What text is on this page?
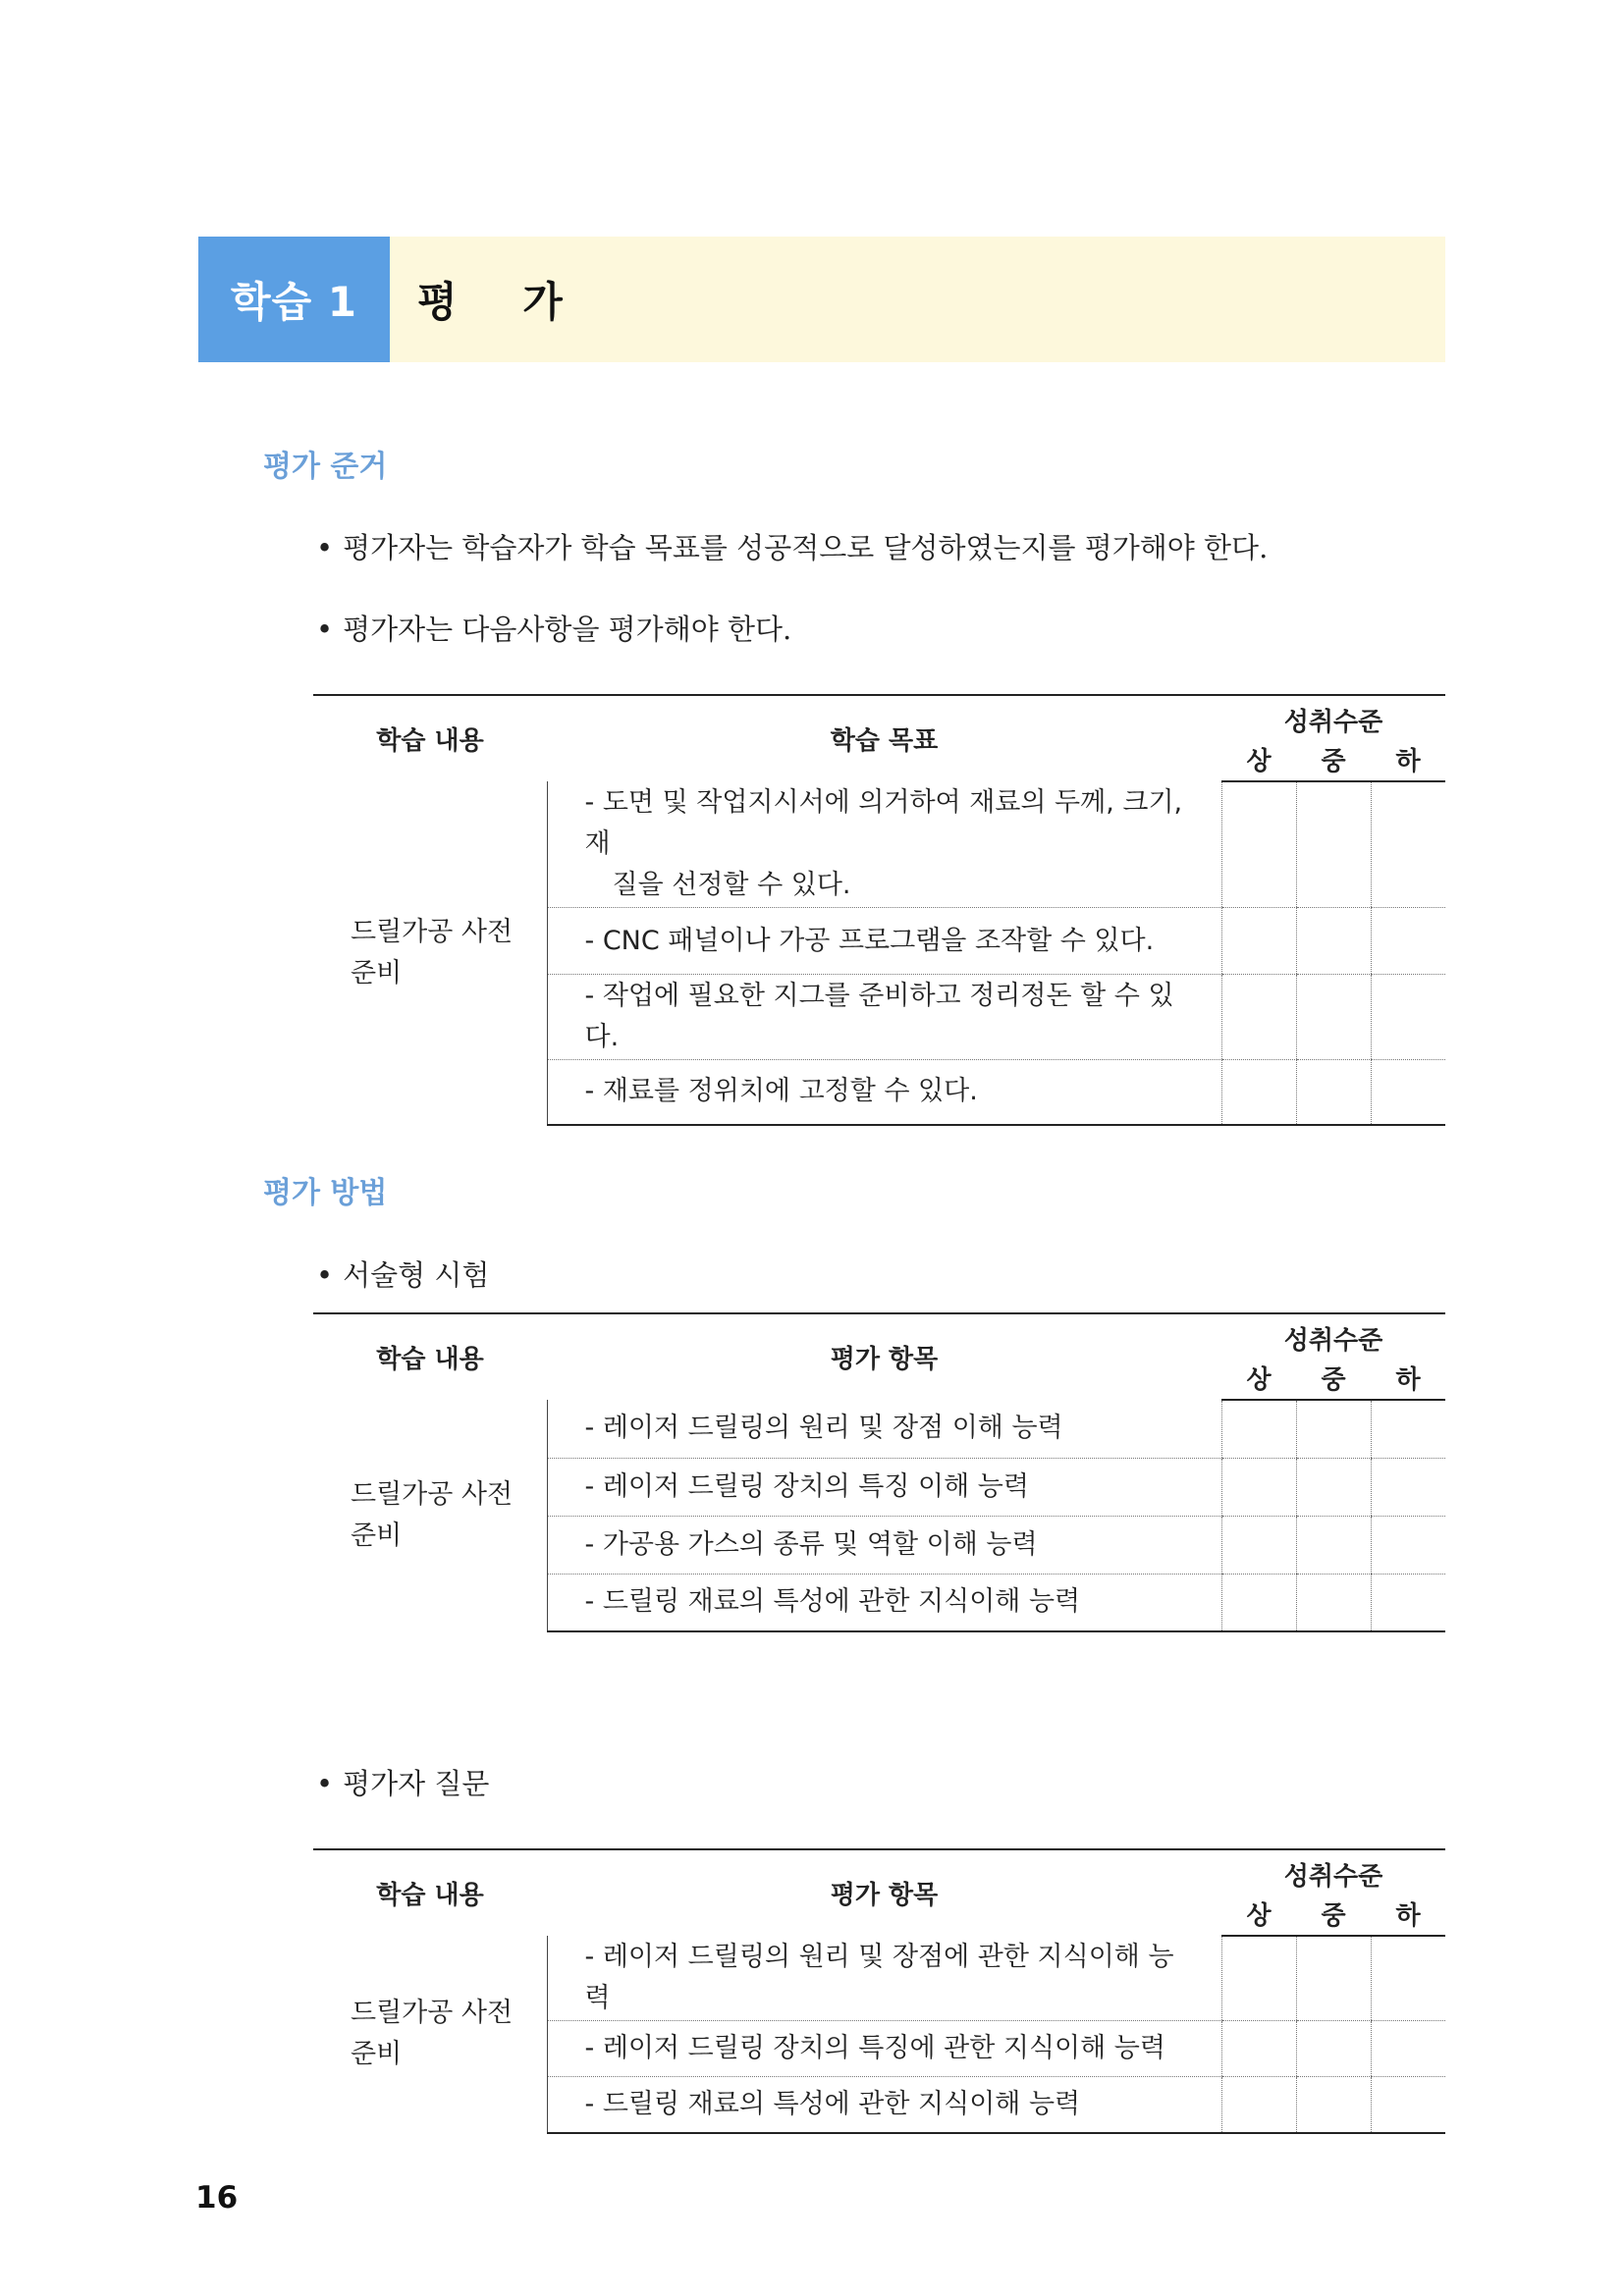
학습 1	평 가
평가 준거
• 평가자는 학습자가 학습 목표를 성공적으로 달성하였는지를 평가해야 한다.
• 평가자는 다음사항을 평가해야 한다.
학습 내용	학습 목표	성취수준		
		상	중	하
드릴가공 사전 준비	- 도면 및 작업지시서에 의거하여 재료의 두께, 크기, 재
질을 선정할 수 있다.			

	- CNC 패널이나 가공 프로그램을 조작할 수 있다.			
	- 작업에 필요한 지그를 준비하고 정리정돈 할 수 있다.			
	- 재료를 정위치에 고정할 수 있다.			
평가 방법
• 서술형 시험
학습 내용	평가 항목	성취수준		
		상	중	하
드릴가공 사전 준비	- 레이저 드릴링의 원리 및 장점 이해 능력			
	- 레이저 드릴링 장치의 특징 이해 능력			
	- 가공용 가스의 종류 및 역할 이해 능력			
	- 드릴링 재료의 특성에 관한 지식이해 능력			
• 평가자 질문
학습 내용	평가 항목	성취수준		
		상	중	하
드릴가공 사전 준비	- 레이저 드릴링의 원리 및 장점에 관한 지식이해 능력			
	- 레이저 드릴링 장치의 특징에 관한 지식이해 능력			
	- 드릴링 재료의 특성에 관한 지식이해 능력			
16
